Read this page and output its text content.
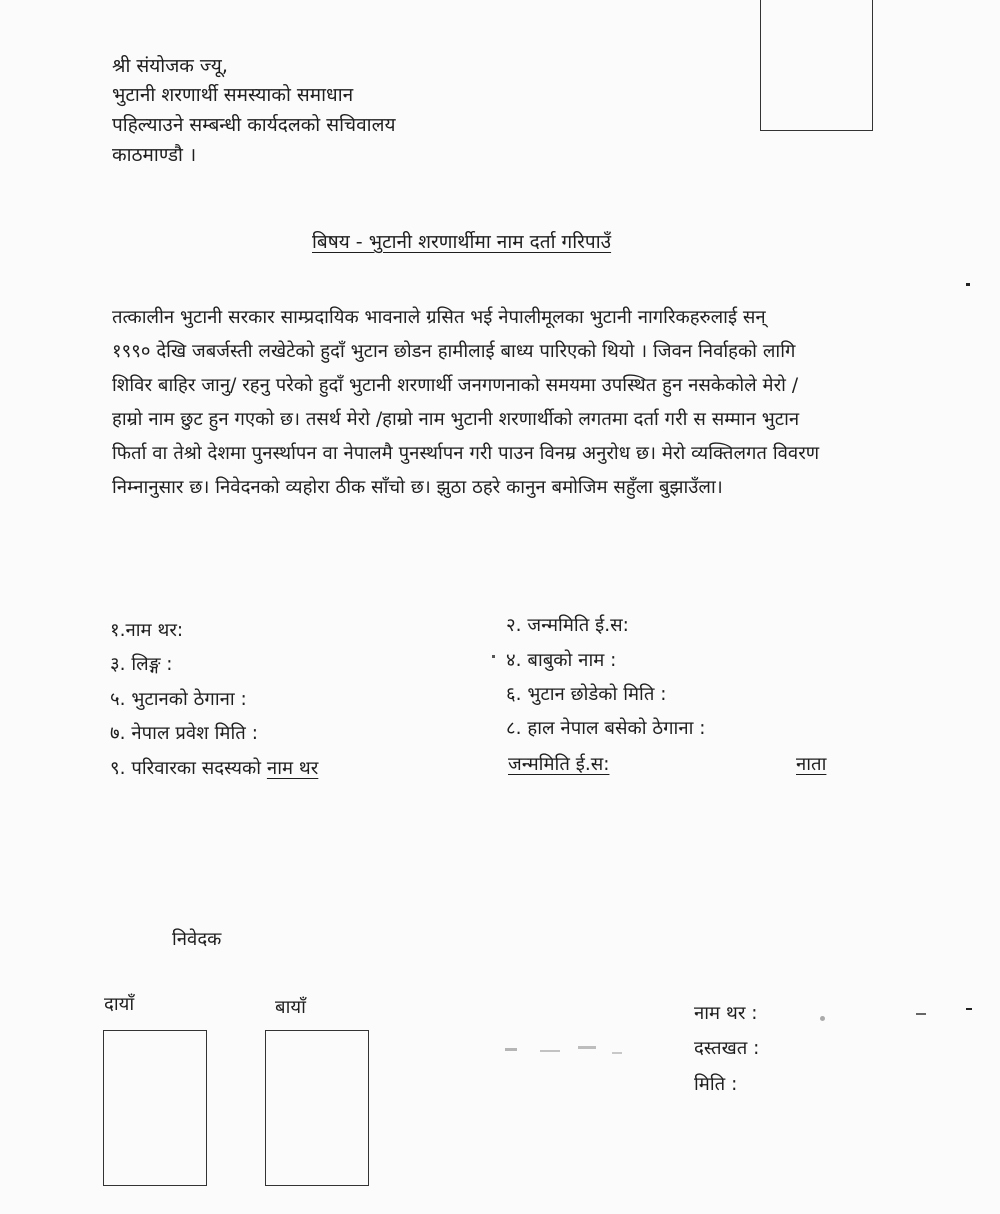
श्री संयोजक ज्यू,
भुटानी शरणार्थी समस्याको समाधान
पहिल्याउने सम्बन्धी कार्यदलको सचिवालय
काठमाण्डौ ।
बिषय - भुटानी शरणार्थीमा नाम दर्ता गरिपाउँ
तत्कालीन भुटानी सरकार साम्प्रदायिक भावनाले ग्रसित भई नेपालीमूलका भुटानी नागरिकहरुलाई सन्
१९९० देखि जबर्जस्ती लखेटेको हुदाँ भुटान छोडन हामीलाई बाध्य पारिएको थियो । जिवन निर्वाहको लागि
शिविर बाहिर जानु/ रहनु परेको हुदाँ भुटानी शरणार्थी जनगणनाको समयमा उपस्थित हुन नसकेकोले मेरो /
हाम्रो नाम छुट हुन गएको छ। तसर्थ मेरो /हाम्रो नाम भुटानी शरणार्थीको लगतमा दर्ता गरी स सम्मान भुटान
फिर्ता वा तेश्रो देशमा पुनर्स्थापन वा नेपालमै पुनर्स्थापन गरी पाउन विनम्र अनुरोध छ। मेरो व्यक्तिलगत विवरण
निम्नानुसार छ। निवेदनको व्यहोरा ठीक साँचो छ। झुठा ठहरे कानुन बमोजिम सहुँला बुझाउँला।
१.नाम थर:	२. जन्ममिति ई.स:
३. लिङ्ग :	४. बाबुको नाम :
५. भुटानको ठेगाना :	६. भुटान छोडेको मिति :
७. नेपाल प्रवेश मिति :	८. हाल नेपाल बसेको ठेगाना :
९. परिवारका सदस्यको नाम थर	जन्ममिति ई.स:	नाता
निवेदक
दायाँ	बायाँ	नाम थर :
दस्तखत :
मिति :
